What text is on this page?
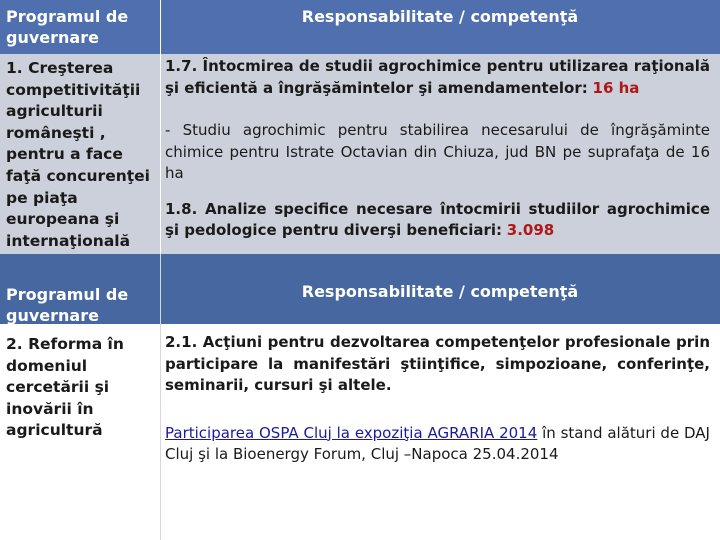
Programul de guvernare
Responsabilitate / competenţă
1. Creşterea competitivităţii agriculturii româneşti , pentru a face faţă concurenţei pe piaţa europeana şi internaţională
1.7. Întocmirea de studii agrochimice pentru utilizarea raţională şi eficientă a îngrăşămintelor şi amendamentelor: 16 ha
- Studiu agrochimic pentru stabilirea necesarului de îngrăşăminte chimice pentru Istrate Octavian din Chiuza, jud BN pe suprafaţa de 16 ha
1.8. Analize specifice necesare întocmirii studiilor agrochimice şi pedologice pentru diverşi beneficiari: 3.098
Programul de guvernare
Responsabilitate / competenţă
2. Reforma în domeniul cercetării şi inovării în agricultură
2.1. Acţiuni pentru dezvoltarea competenţelor profesionale prin participare la manifestări ştiinţifice, simpozioane, conferinţe, seminarii, cursuri şi altele.
Participarea OSPA Cluj la expoziţia AGRARIA 2014 în stand alături de DAJ Cluj şi la Bioenergy Forum, Cluj –Napoca 25.04.2014
